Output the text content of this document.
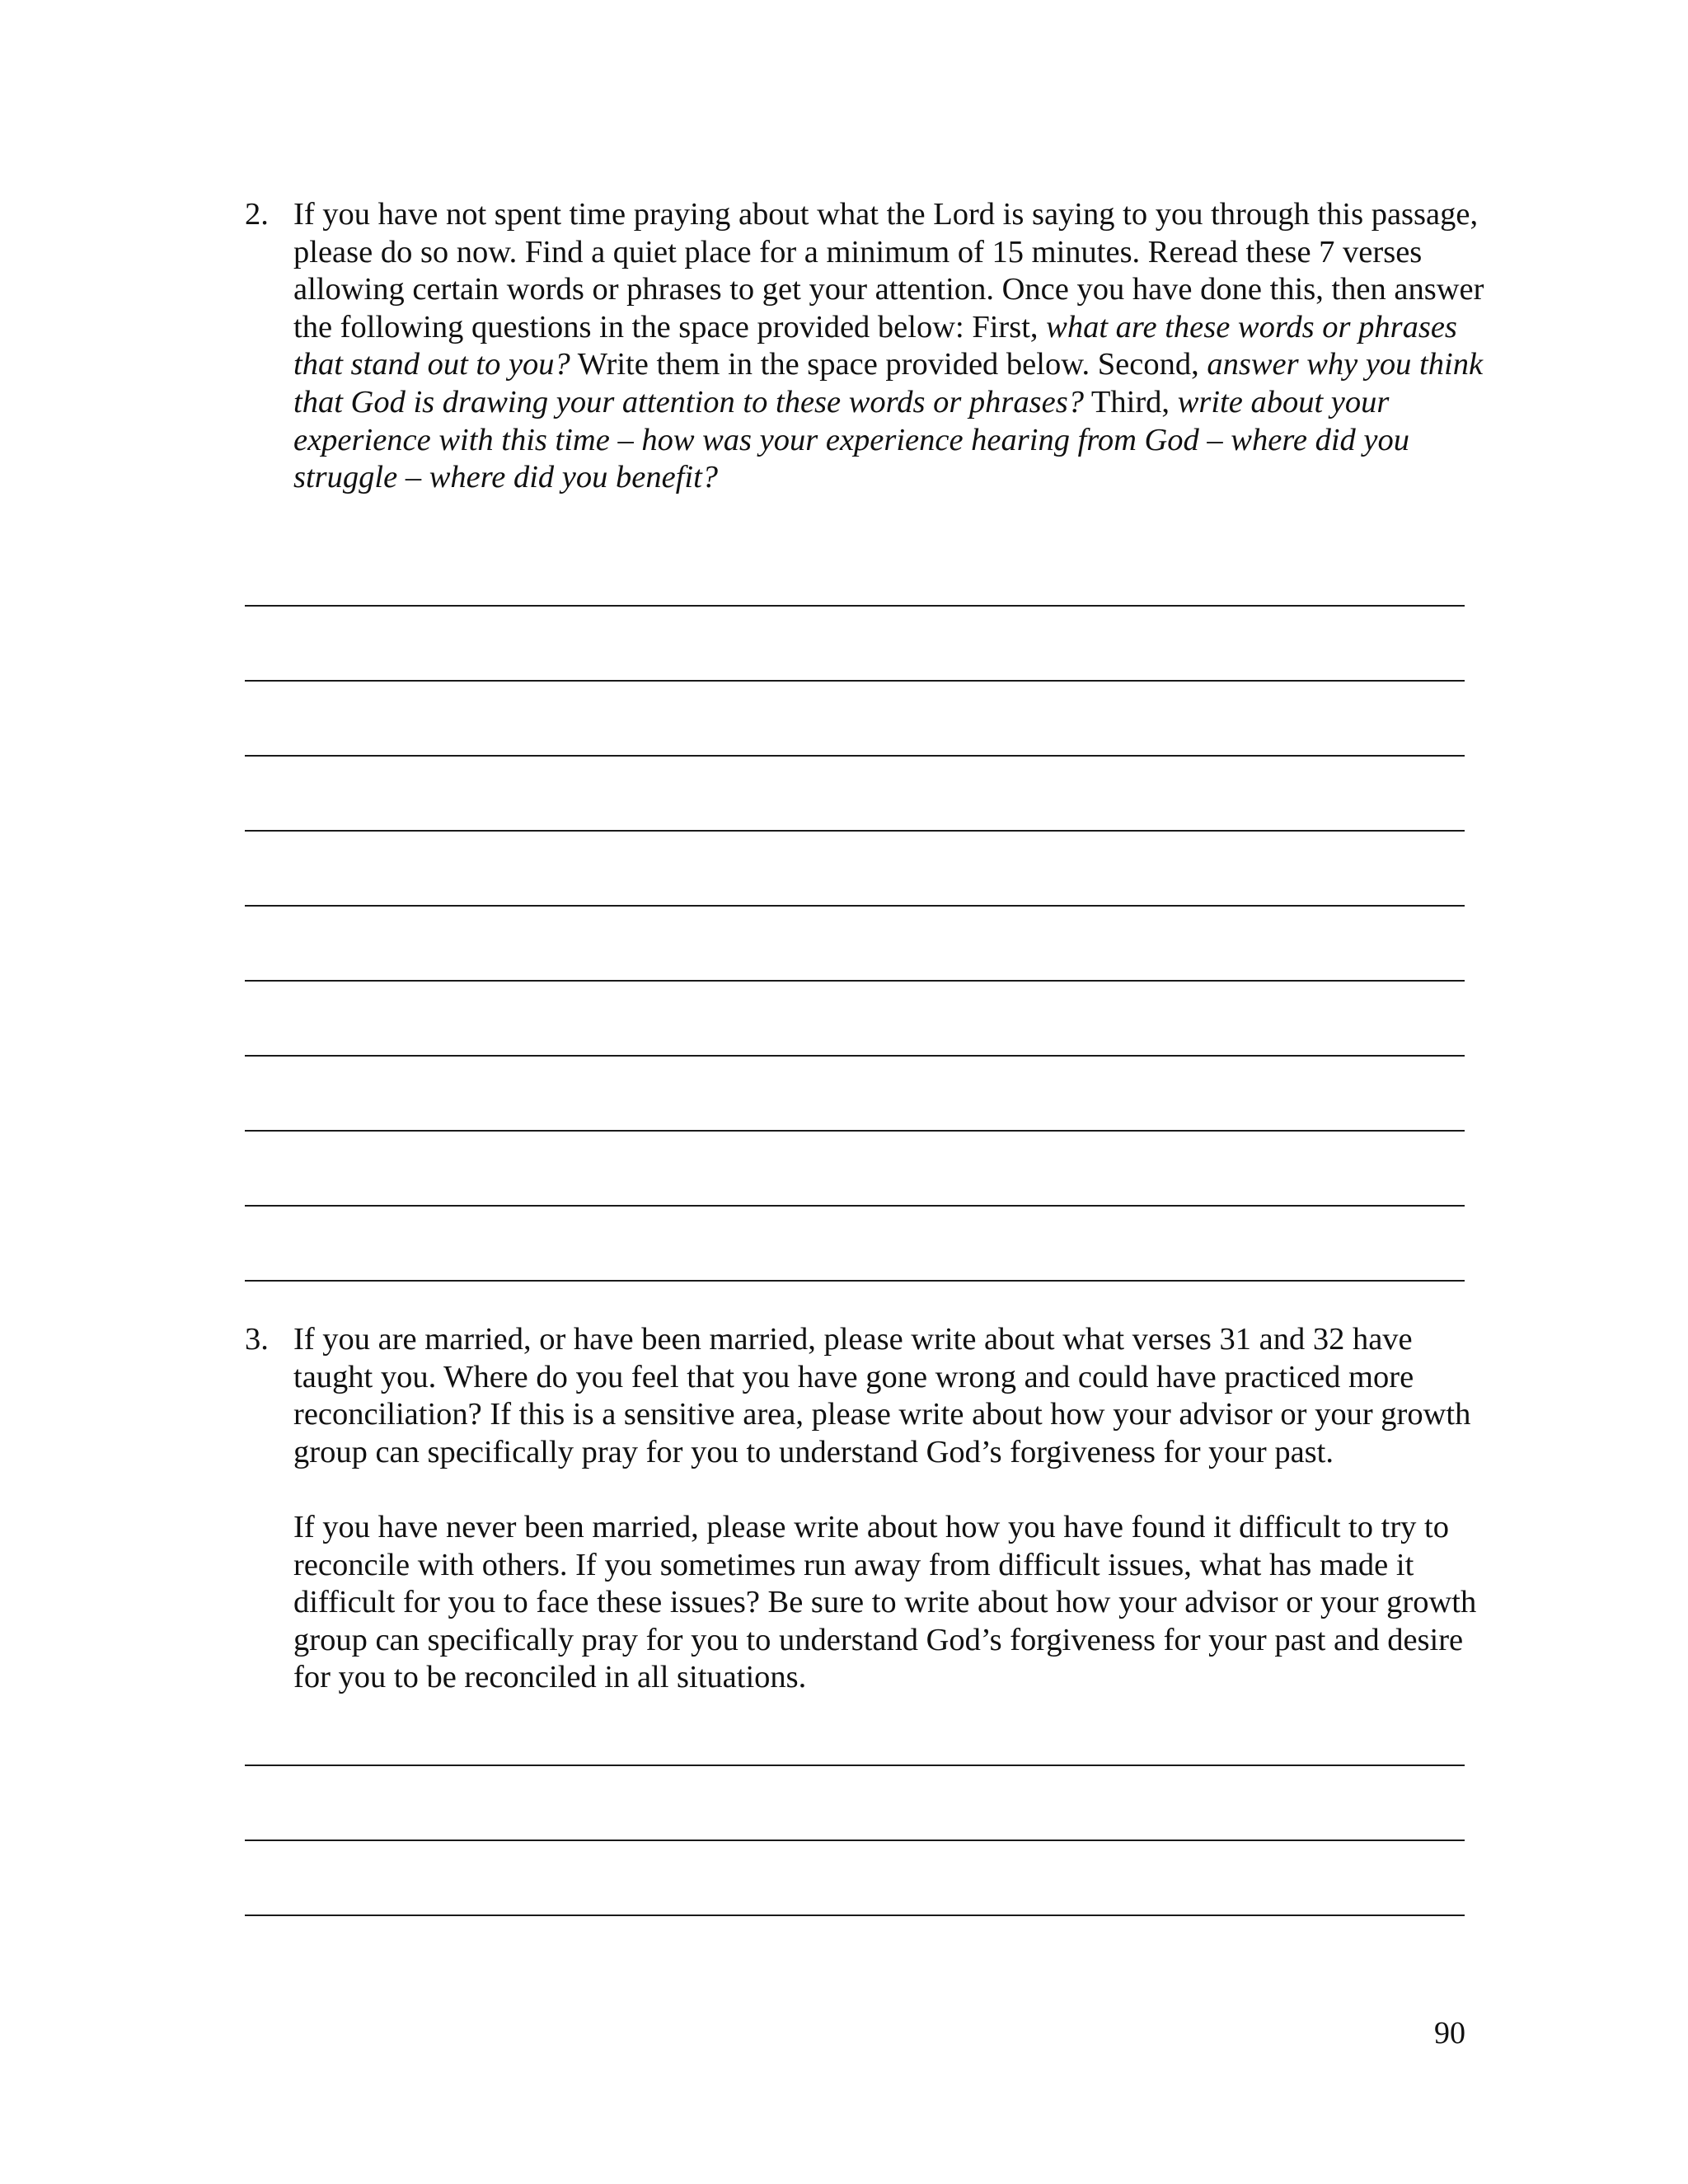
2. If you have not spent time praying about what the Lord is saying to you through this passage, please do so now. Find a quiet place for a minimum of 15 minutes. Reread these 7 verses allowing certain words or phrases to get your attention. Once you have done this, then answer the following questions in the space provided below: First, what are these words or phrases that stand out to you? Write them in the space provided below. Second, answer why you think that God is drawing your attention to these words or phrases? Third, write about your experience with this time – how was your experience hearing from God – where did you struggle – where did you benefit?

3. If you are married, or have been married, please write about what verses 31 and 32 have taught you. Where do you feel that you have gone wrong and could have practiced more reconciliation? If this is a sensitive area, please write about how your advisor or your growth group can specifically pray for you to understand God’s forgiveness for your past.

If you have never been married, please write about how you have found it difficult to try to reconcile with others. If you sometimes run away from difficult issues, what has made it difficult for you to face these issues? Be sure to write about how your advisor or your growth group can specifically pray for you to understand God’s forgiveness for your past and desire for you to be reconciled in all situations.

90
